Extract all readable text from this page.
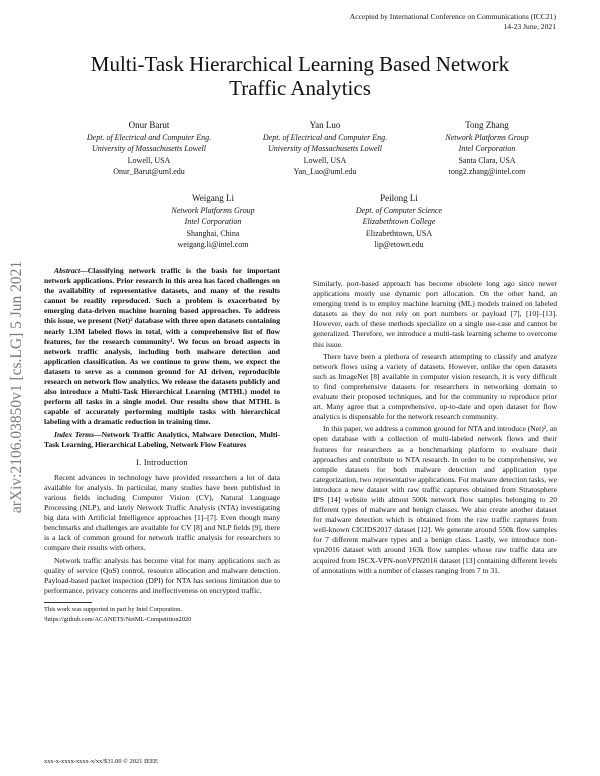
Accepted by International Conference on Communications (ICC21)
14-23 June, 2021
Multi-Task Hierarchical Learning Based Network
Traffic Analytics
Onur Barut
Dept. of Electrical and Computer Eng.
University of Massachusetts Lowell
Lowell, USA
Onur_Barut@uml.edu
Yan Luo
Dept. of Electrical and Computer Eng.
University of Massachusetts Lowell
Lowell, USA
Yan_Luo@uml.edu
Tong Zhang
Network Platforms Group
Intel Corporation
Santa Clara, USA
tong2.zhang@intel.com
Weigang Li
Network Platforms Group
Intel Corporation
Shanghai, China
weigang.li@intel.com
Peilong Li
Dept. of Computer Science
Elizabethtown College
Elizabethtown, USA
lip@etown.edu
arXiv:2106.03850v1 [cs.LG] 5 Jun 2021	Abstract—Classifying network traffic is the basis for important network applications. Prior research in this area has faced challenges on the availability of representative datasets, and many of the results cannot be readily reproduced. Such a problem is exacerbated by emerging data-driven machine learning based approaches. To address this issue, we present (Net)² database with three open datasets containing nearly 1.3M labeled flows in total, with a comprehensive list of flow features, for the research community¹. We focus on broad aspects in network traffic analysis, including both malware detection and application classification. As we continue to grow them, we expect the datasets to serve as a common ground for AI driven, reproducible research on network flow analytics. We release the datasets publicly and also introduce a Multi-Task Hierarchical Learning (MTHL) model to perform all tasks in a single model. Our results show that MTHL is capable of accurately performing multiple tasks with hierarchical labeling with a dramatic reduction in training time.

Index Terms—Network Traffic Analytics, Malware Detection, Multi-Task Learning, Hierarchical Labeling, Network Flow Features

I. Introduction

Recent advances in technology have provided researchers a lot of data available for analysis. In particular, many studies have been published in various fields including Computer Vision (CV), Natural Language Processing (NLP), and lately Network Traffic Analysis (NTA) investigating big data with Artificial Intelligence approaches [1]–[7]. Even though many benchmarks and challenges are available for CV [8] and NLP fields [9], there is a lack of common ground for network traffic analysis for researchers to compare their results with others.

Network traffic analysis has become vital for many applications such as quality of service (QoS) control, resource allocation and malware detection. Payload-based packet inspection (DPI) for NTA has serious limitation due to performance, privacy concerns and ineffectiveness on encrypted traffic.

This work was supported in part by Intel Corporation.

¹https://github.com/ACANETS/NetML-Competition2020

Similarly, port-based approach has become obsolete long ago since newer applications mostly use dynamic port allocation. On the other hand, an emerging trend is to employ machine learning (ML) models trained on labeled datasets as they do not rely on port numbers or payload [7], [10]–[13]. However, each of these methods specialize on a single use-case and cannot be generalized. Therefore, we introduce a multi-task learning scheme to overcome this issue.

There have been a plethora of research attempting to classify and analyze network flows using a variety of datasets. However, unlike the open datasets such as ImageNet [8] available in computer vision research, it is very difficult to find comprehensive datasets for researchers in networking domain to evaluate their proposed techniques, and for the community to reproduce prior art. Many agree that a comprehensive, up-to-date and open dataset for flow analytics is dispensable for the network research community.

In this paper, we address a common ground for NTA and introduce (Net)², an open database with a collection of multi-labeled network flows and their features for researchers as a benchmarking platform to evaluate their approaches and contribute to NTA research. In order to be comprehensive, we compile datasets for both malware detection and application type categorization, two representative applications. For malware detection tasks, we introduce a new dataset with raw traffic captures obtained from Stratosphere IPS [14] website with almost 500k network flow samples belonging to 20 different types of malware and benign classes. We also create another dataset for malware detection which is obtained from the raw traffic captures from well-known CICIDS2017 dataset [12]. We generate around 550k flow samples for 7 different malware types and a benign class. Lastly, we introduce non-vpn2016 dataset with around 163k flow samples whose raw traffic data are acquired from ISCX-VPN-nonVPN2016 dataset [13] containing different levels of annotations with a number of classes ranging from 7 to 31.

xxx-x-xxxx-xxxx-x/xx/$31.00 © 2021 IEEE
